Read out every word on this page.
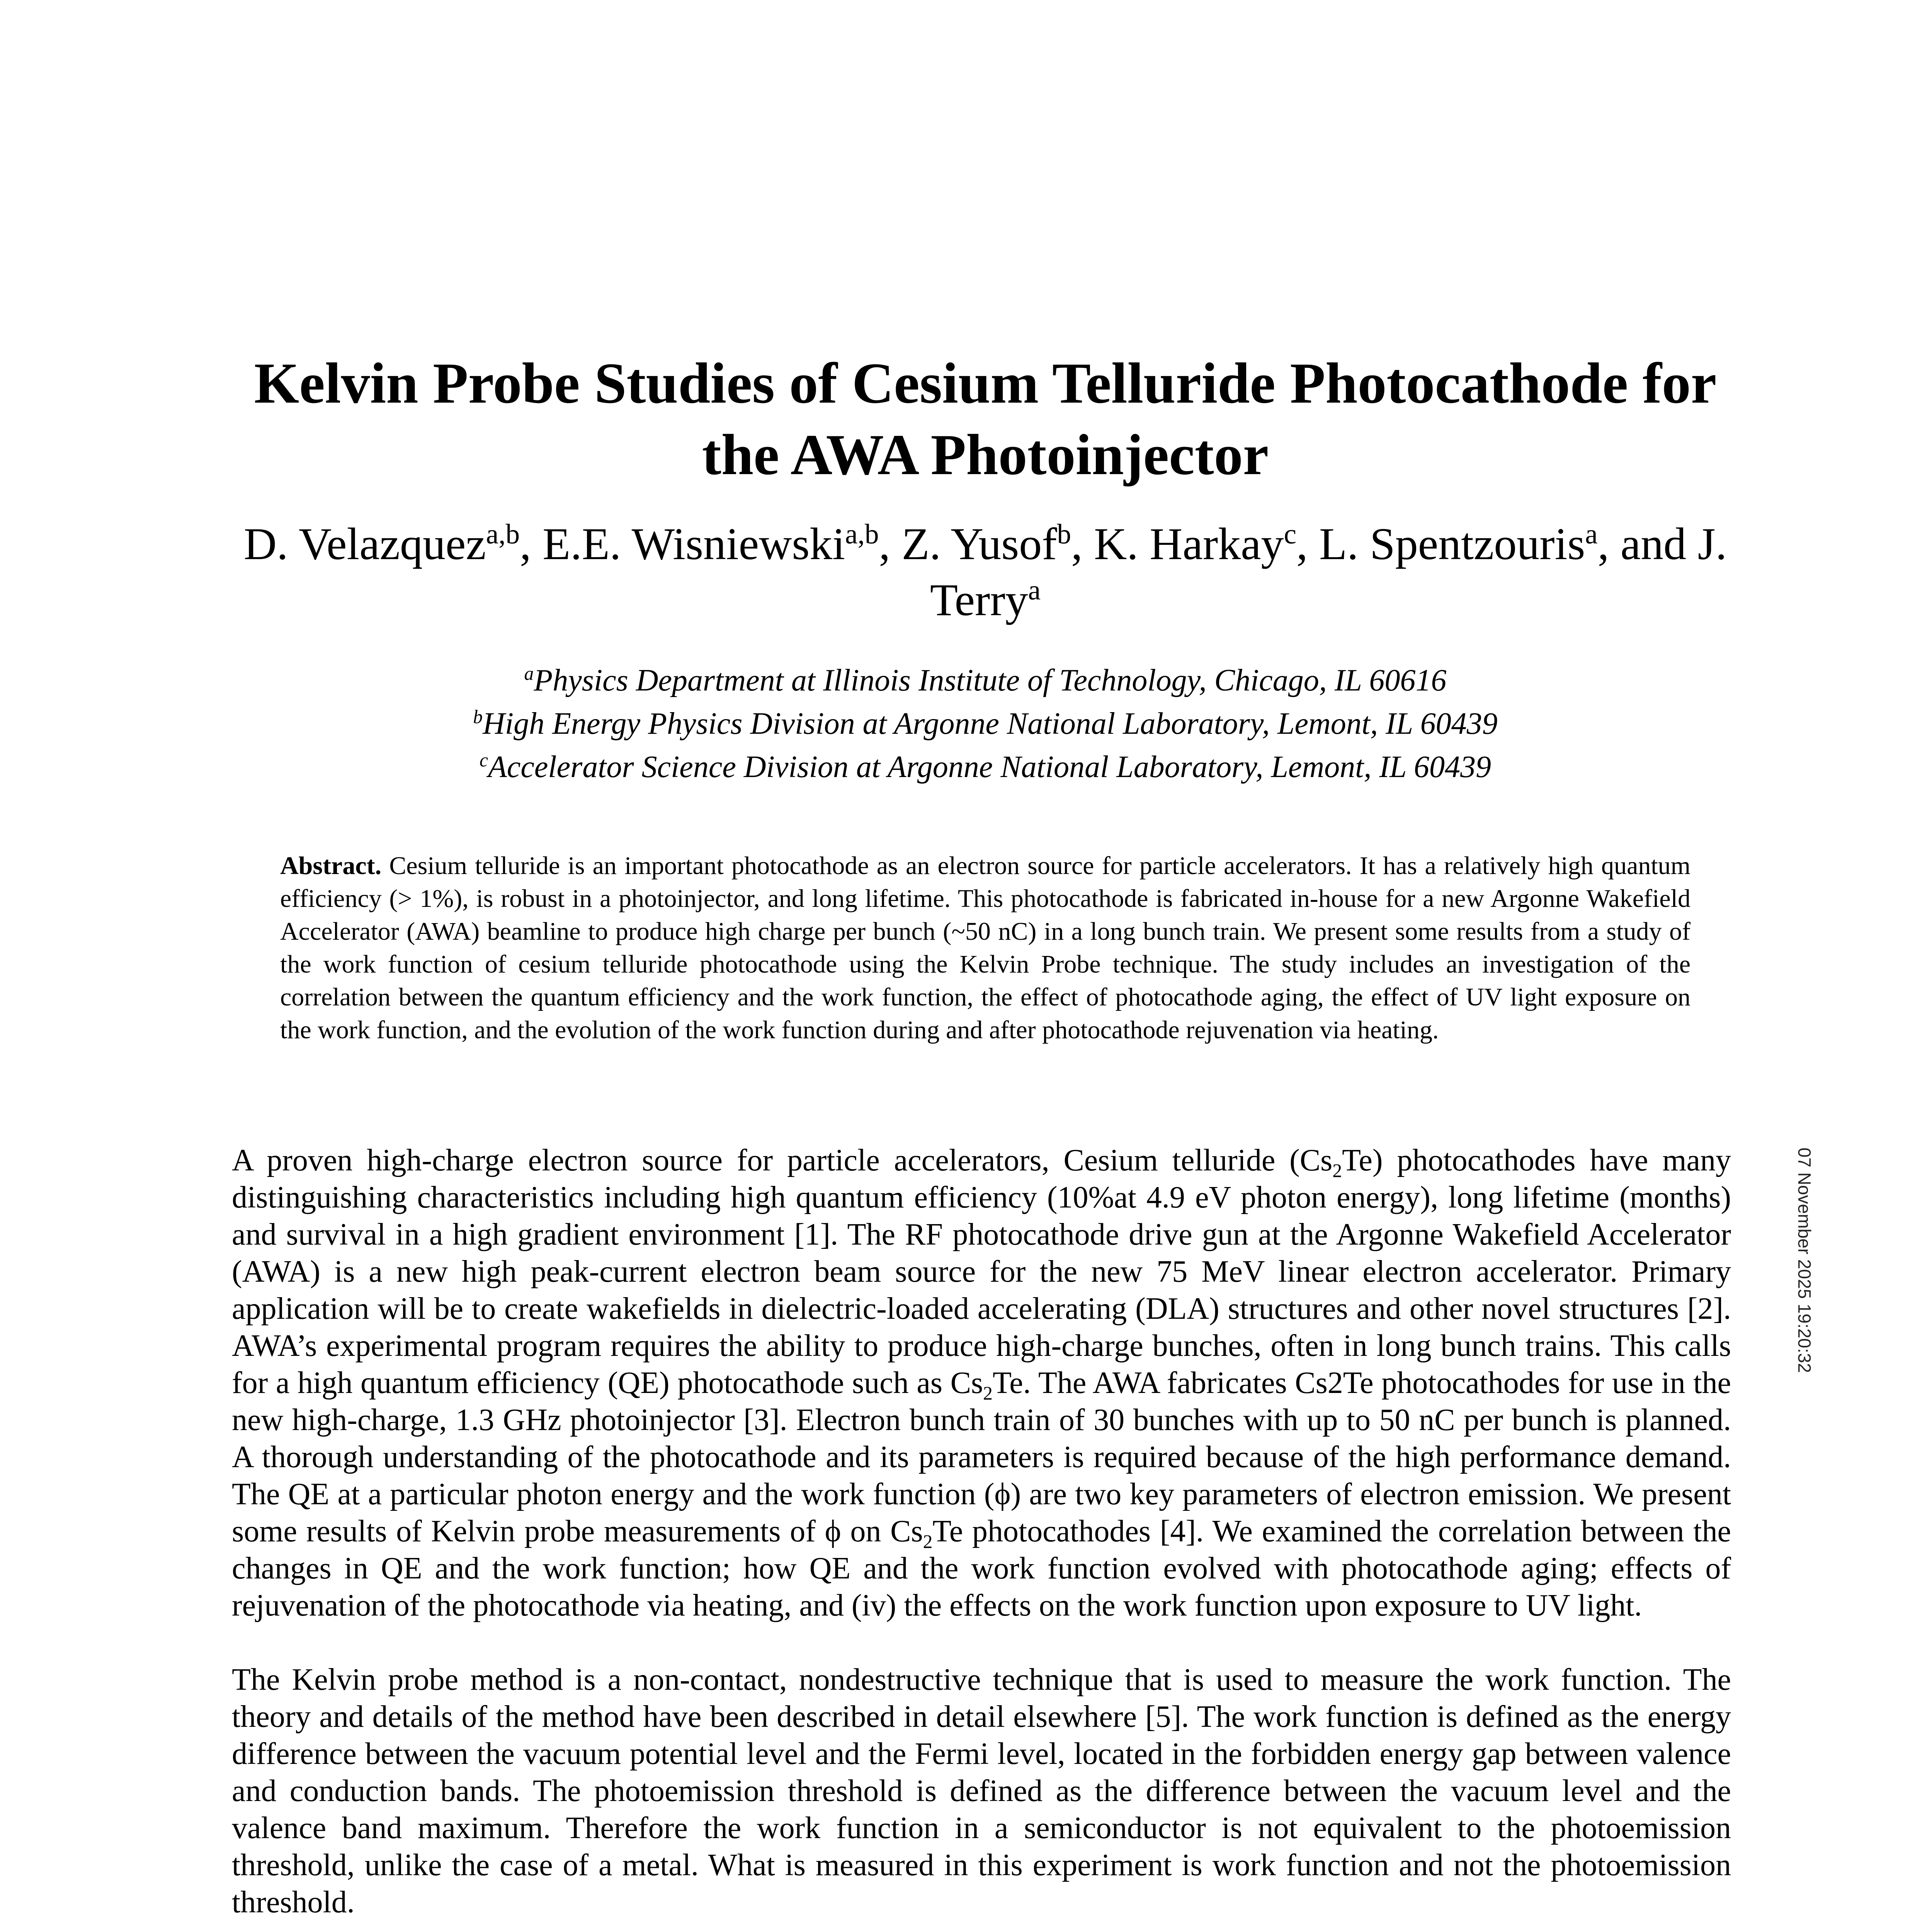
Kelvin Probe Studies of Cesium Telluride Photocathode for
the AWA Photoinjector
D. Velazquez$^{a,b}$, E.E. Wisniewski$^{a,b}$, Z. Yusof$^b$, K. Harkay$^c$, L. Spentzouris$^a$, and J. Terry$^a$
$^a$Physics Department at Illinois Institute of Technology, Chicago, IL 60616
$^b$High Energy Physics Division at Argonne National Laboratory, Lemont, IL 60439
$^c$Accelerator Science Division at Argonne National Laboratory, Lemont, IL 60439
Abstract. Cesium telluride is an important photocathode as an electron source for particle accelerators. It has a relatively high quantum efficiency (> 1%), is robust in a photoinjector, and long lifetime. This photocathode is fabricated in-house for a new Argonne Wakefield Accelerator (AWA) beamline to produce high charge per bunch (~50 nC) in a long bunch train. We present some results from a study of the work function of cesium telluride photocathode using the Kelvin Probe technique. The study includes an investigation of the correlation between the quantum efficiency and the work function, the effect of photocathode aging, the effect of UV light exposure on the work function, and the evolution of the work function during and after photocathode rejuvenation via heating.

A proven high-charge electron source for particle accelerators, Cesium telluride $(Cs_2Te)$ photocathodes have many distinguishing characteristics including high quantum efficiency (10%at 4.9 eV photon energy), long lifetime (months) and survival in a high gradient environment [1]. The RF photocathode drive gun at the Argonne Wakefield Accelerator (AWA) is a new high peak-current electron beam source for the new 75 MeV linear electron accelerator. Primary application will be to create wakefields in dielectric-loaded accelerating (DLA) structures and other novel structures [2]. AWA’s experimental program requires the ability to produce high-charge bunches, often in long bunch trains. This calls for a high quantum efficiency (QE) photocathode such as $Cs_2Te$. The AWA fabricates Cs2Te photocathodes for use in the new high-charge, 1.3 GHz photoinjector [3]. Electron bunch train of 30 bunches with up to 50 nC per bunch is planned. A thorough understanding of the photocathode and its parameters is required because of the high performance demand. The QE at a particular photon energy and the work function (ϕ) are two key parameters of electron emission. We present some results of Kelvin probe measurements of ϕ on $Cs_2Te$ photocathodes [4]. We examined the correlation between the changes in QE and the work function; how QE and the work function evolved with photocathode aging; effects of rejuvenation of the photocathode via heating, and (iv) the effects on the work function upon exposure to UV light.

The Kelvin probe method is a non-contact, nondestructive technique that is used to measure the work function. The theory and details of the method have been described in detail elsewhere [5]. The work function is defined as the energy difference between the vacuum potential level and the Fermi level, located in the forbidden energy gap between valence and conduction bands. The photoemission threshold is defined as the difference between the vacuum level and the valence band maximum. Therefore the work function in a semiconductor is not equivalent to the photoemission threshold, unlike the case of a metal. What is measured in this experiment is work function and not the photoemission threshold.

07 November 2025 19:20:32
